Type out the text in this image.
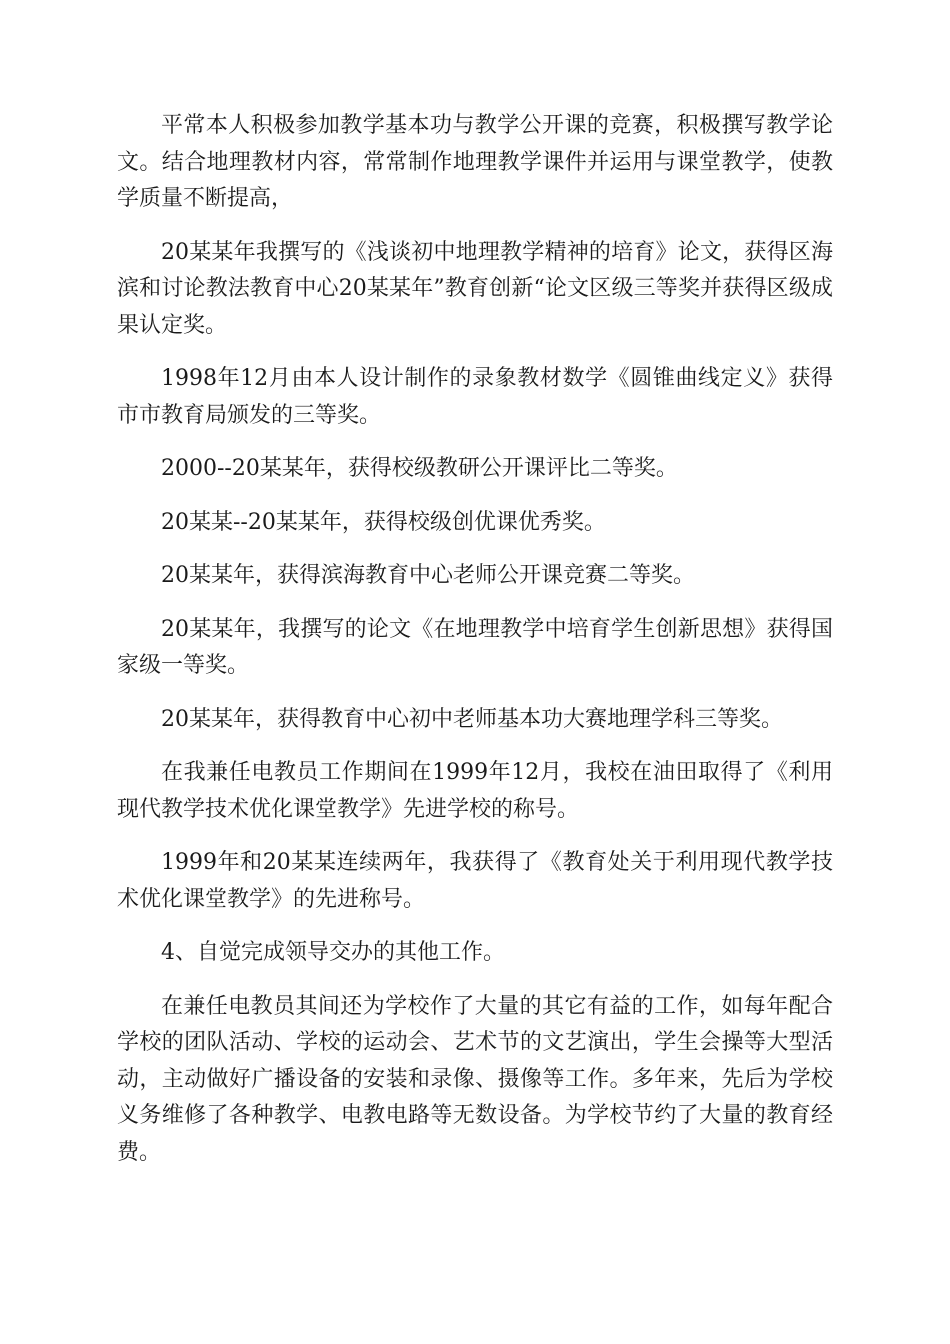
平常本人积极参加教学基本功与教学公开课的竞赛，积极撰写教学论文。结合地理教材内容，常常制作地理教学课件并运用与课堂教学，使教学质量不断提高，

20某某年我撰写的《浅谈初中地理教学精神的培育》论文，获得区海滨和讨论教法教育中心20某某年”教育创新“论文区级三等奖并获得区级成果认定奖。

1998年12月由本人设计制作的录象教材数学《圆锥曲线定义》获得市市教育局颁发的三等奖。

2000--20某某年，获得校级教研公开课评比二等奖。

20某某--20某某年，获得校级创优课优秀奖。

20某某年，获得滨海教育中心老师公开课竞赛二等奖。

20某某年，我撰写的论文《在地理教学中培育学生创新思想》获得国家级一等奖。

20某某年，获得教育中心初中老师基本功大赛地理学科三等奖。

在我兼任电教员工作期间在1999年12月，我校在油田取得了《利用现代教学技术优化课堂教学》先进学校的称号。

1999年和20某某连续两年，我获得了《教育处关于利用现代教学技术优化课堂教学》的先进称号。

4、自觉完成领导交办的其他工作。

在兼任电教员其间还为学校作了大量的其它有益的工作，如每年配合学校的团队活动、学校的运动会、艺术节的文艺演出，学生会操等大型活动，主动做好广播设备的安装和录像、摄像等工作。多年来，先后为学校义务维修了各种教学、电教电路等无数设备。为学校节约了大量的教育经费。
